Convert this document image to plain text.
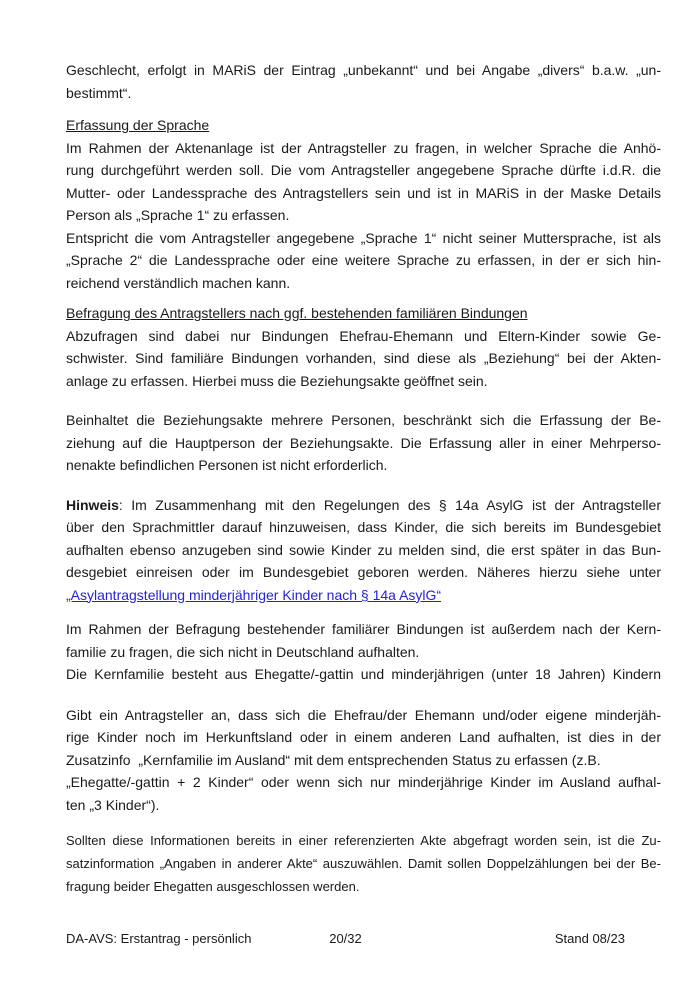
Geschlecht, erfolgt in MARiS der Eintrag „unbekannt“ und bei Angabe „divers“ b.a.w. „un-
bestimmt“.
Erfassung der Sprache
Im Rahmen der Aktenanlage ist der Antragsteller zu fragen, in welcher Sprache die Anhö-
rung durchgeführt werden soll. Die vom Antragsteller angegebene Sprache dürfte i.d.R. die
Mutter- oder Landessprache des Antragstellers sein und ist in MARiS in der Maske Details
Person als „Sprache 1“ zu erfassen.
Entspricht die vom Antragsteller angegebene „Sprache 1“ nicht seiner Muttersprache, ist als
„Sprache 2“ die Landessprache oder eine weitere Sprache zu erfassen, in der er sich hin-
reichend verständlich machen kann.
Befragung des Antragstellers nach ggf. bestehenden familiären Bindungen
Abzufragen sind dabei nur Bindungen Ehefrau-Ehemann und Eltern-Kinder sowie Ge-
schwister. Sind familiäre Bindungen vorhanden, sind diese als „Beziehung“ bei der Akten-
anlage zu erfassen. Hierbei muss die Beziehungsakte geöffnet sein.
Beinhaltet die Beziehungsakte mehrere Personen, beschränkt sich die Erfassung der Be-
ziehung auf die Hauptperson der Beziehungsakte. Die Erfassung aller in einer Mehrperso-
nenakte befindlichen Personen ist nicht erforderlich.
Hinweis: Im Zusammenhang mit den Regelungen des § 14a AsylG ist der Antragsteller
über den Sprachmittler darauf hinzuweisen, dass Kinder, die sich bereits im Bundesgebiet
aufhalten ebenso anzugeben sind sowie Kinder zu melden sind, die erst später in das Bun-
desgebiet einreisen oder im Bundesgebiet geboren werden. Näheres hierzu siehe unter
„Asylantragstellung minderjähriger Kinder nach § 14a AsylG“
Im Rahmen der Befragung bestehender familiärer Bindungen ist außerdem nach der Kern-
familie zu fragen, die sich nicht in Deutschland aufhalten.
Die Kernfamilie besteht aus Ehegatte/-gattin und minderjährigen (unter 18 Jahren) Kindern
Gibt ein Antragsteller an, dass sich die Ehefrau/der Ehemann und/oder eigene minderjäh-
rige Kinder noch im Herkunftsland oder in einem anderen Land aufhalten, ist dies in der
Zusatzinfo  „Kernfamilie im Ausland“ mit dem entsprechenden Status zu erfassen (z.B.
„Ehegatte/-gattin + 2 Kinder“ oder wenn sich nur minderjährige Kinder im Ausland aufhal-
ten „3 Kinder“).
Sollten diese Informationen bereits in einer referenzierten Akte abgefragt worden sein, ist die Zu-
satzinformation „Angaben in anderer Akte“ auszuwählen. Damit sollen Doppelzählungen bei der Be-
fragung beider Ehegatten ausgeschlossen werden.
DA-AVS: Erstantrag - persönlich	20/32	Stand 08/23
